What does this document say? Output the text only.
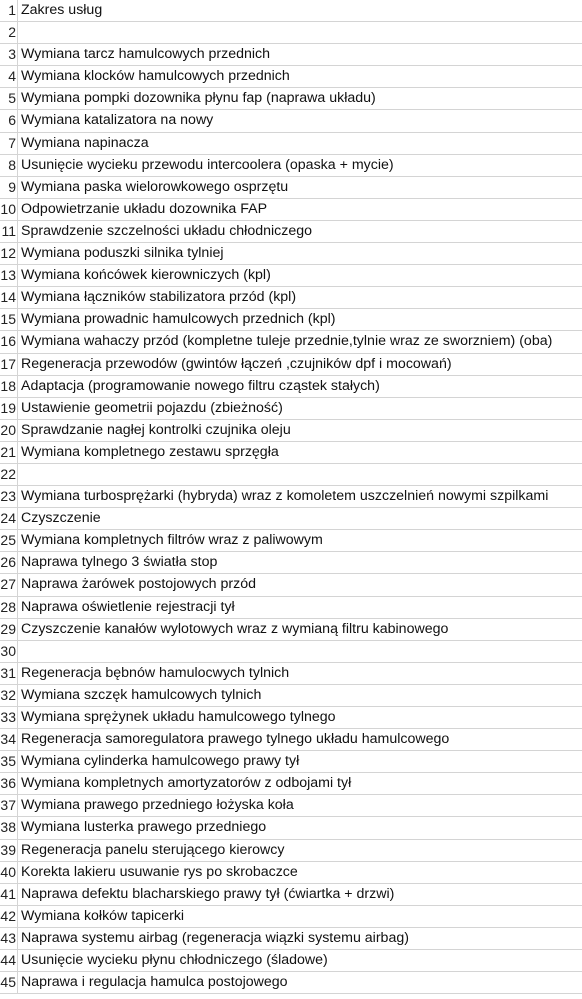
1 Zakres usług
2
3 Wymiana tarcz hamulcowych przednich
4 Wymiana klocków hamulcowych przednich
5 Wymiana pompki dozownika płynu fap (naprawa układu)
6 Wymiana katalizatora na nowy
7 Wymiana napinacza
8 Usunięcie wycieku przewodu intercoolera (opaska + mycie)
9 Wymiana paska wielorowkowego osprzętu
10 Odpowietrzanie układu dozownika FAP
11 Sprawdzenie szczelności układu chłodniczego
12 Wymiana poduszki silnika tylniej
13 Wymiana końcówek kierowniczych (kpl)
14 Wymiana łączników stabilizatora przód (kpl)
15 Wymiana prowadnic hamulcowych przednich (kpl)
16 Wymiana wahaczy przód (kompletne tuleje przednie,tylnie wraz ze sworzniem) (oba)
17 Regeneracja przewodów (gwintów łączeń ,czujników dpf i mocowań)
18 Adaptacja (programowanie nowego filtru cząstek stałych)
19 Ustawienie geometrii pojazdu (zbieżność)
20 Sprawdzanie nagłej kontrolki czujnika oleju
21 Wymiana kompletnego zestawu sprzęgła
22
23 Wymiana turbosprężarki (hybryda) wraz z komoletem uszczelnień nowymi szpilkami
24 Czyszczenie
25 Wymiana kompletnych filtrów wraz z paliwowym
26 Naprawa tylnego 3 światła stop
27 Naprawa żarówek postojowych przód
28 Naprawa oświetlenie rejestracji tył
29 Czyszczenie kanałów wylotowych wraz z wymianą filtru kabinowego
30
31 Regeneracja bębnów hamulocwych tylnich
32 Wymiana szczęk hamulcowych tylnich
33 Wymiana sprężynek układu hamulcowego tylnego
34 Regeneracja samoregulatora prawego tylnego układu hamulcowego
35 Wymiana cylinderka hamulcowego prawy tył
36 Wymiana kompletnych amortyzatorów z odbojami tył
37 Wymiana prawego przedniego łożyska koła
38 Wymiana lusterka prawego przedniego
39 Regeneracja panelu sterującego kierowcy
40 Korekta lakieru usuwanie rys po skrobaczce
41 Naprawa defektu blacharskiego prawy tył (ćwiartka + drzwi)
42 Wymiana kołków tapicerki
43 Naprawa systemu airbag (regeneracja wiązki systemu airbag)
44 Usunięcie wycieku płynu chłodniczego (śladowe)
45 Naprawa i regulacja hamulca postojowego
